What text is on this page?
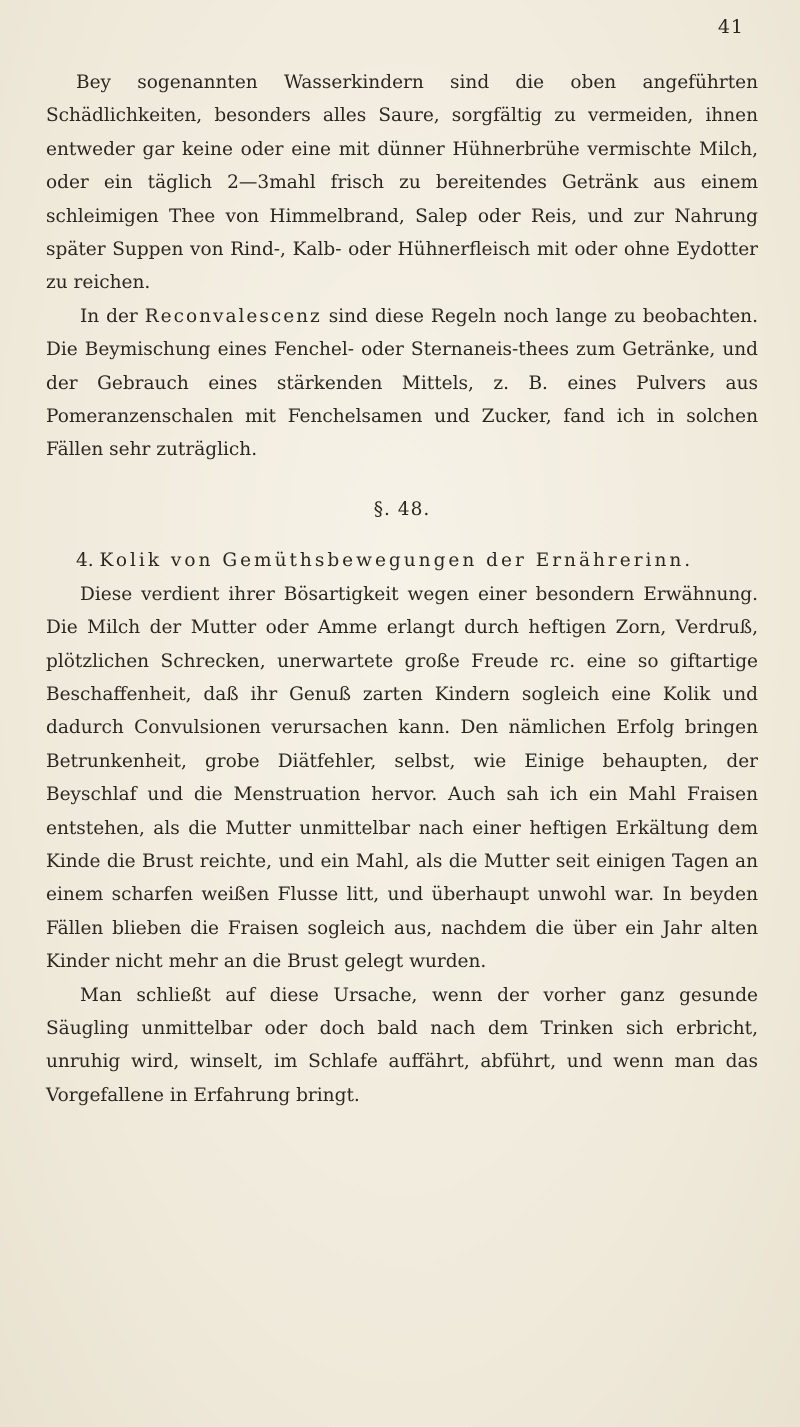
41

Bey sogenannten Wasserkindern sind die oben angeführten Schädlichkeiten, besonders alles Saure, sorgfältig zu vermeiden, ihnen entweder gar keine oder eine mit dünner Hühnerbrühe vermischte Milch, oder ein täglich 2—3mahl frisch zu bereitendes Getränk aus einem schleimigen Thee von Himmelbrand, Salep oder Reis, und zur Nahrung später Suppen von Rind-, Kalb- oder Hühnerfleisch mit oder ohne Eydotter zu reichen.

In der Reconvalescenz sind diese Regeln noch lange zu beobachten. Die Beymischung eines Fenchel- oder Sternaneis-thees zum Getränke, und der Gebrauch eines stärkenden Mittels, z. B. eines Pulvers aus Pomeranzenschalen mit Fenchelsamen und Zucker, fand ich in solchen Fällen sehr zuträglich.

§. 48.

4. Kolik von Gemüthsbewegungen der Ernährerinn.

Diese verdient ihrer Bösartigkeit wegen einer besondern Erwähnung. Die Milch der Mutter oder Amme erlangt durch heftigen Zorn, Verdruß, plötzlichen Schrecken, unerwartete große Freude rc. eine so giftartige Beschaffenheit, daß ihr Genuß zarten Kindern sogleich eine Kolik und dadurch Convulsionen verursachen kann. Den nämlichen Erfolg bringen Betrunkenheit, grobe Diätfehler, selbst, wie Einige behaupten, der Beyschlaf und die Menstruation hervor. Auch sah ich ein Mahl Fraisen entstehen, als die Mutter unmittelbar nach einer heftigen Erkältung dem Kinde die Brust reichte, und ein Mahl, als die Mutter seit einigen Tagen an einem scharfen weißen Flusse litt, und überhaupt unwohl war. In beyden Fällen blieben die Fraisen sogleich aus, nachdem die über ein Jahr alten Kinder nicht mehr an die Brust gelegt wurden.

Man schließt auf diese Ursache, wenn der vorher ganz gesunde Säugling unmittelbar oder doch bald nach dem Trinken sich erbricht, unruhig wird, winselt, im Schlafe auffährt, abführt, und wenn man das Vorgefallene in Erfahrung bringt.
